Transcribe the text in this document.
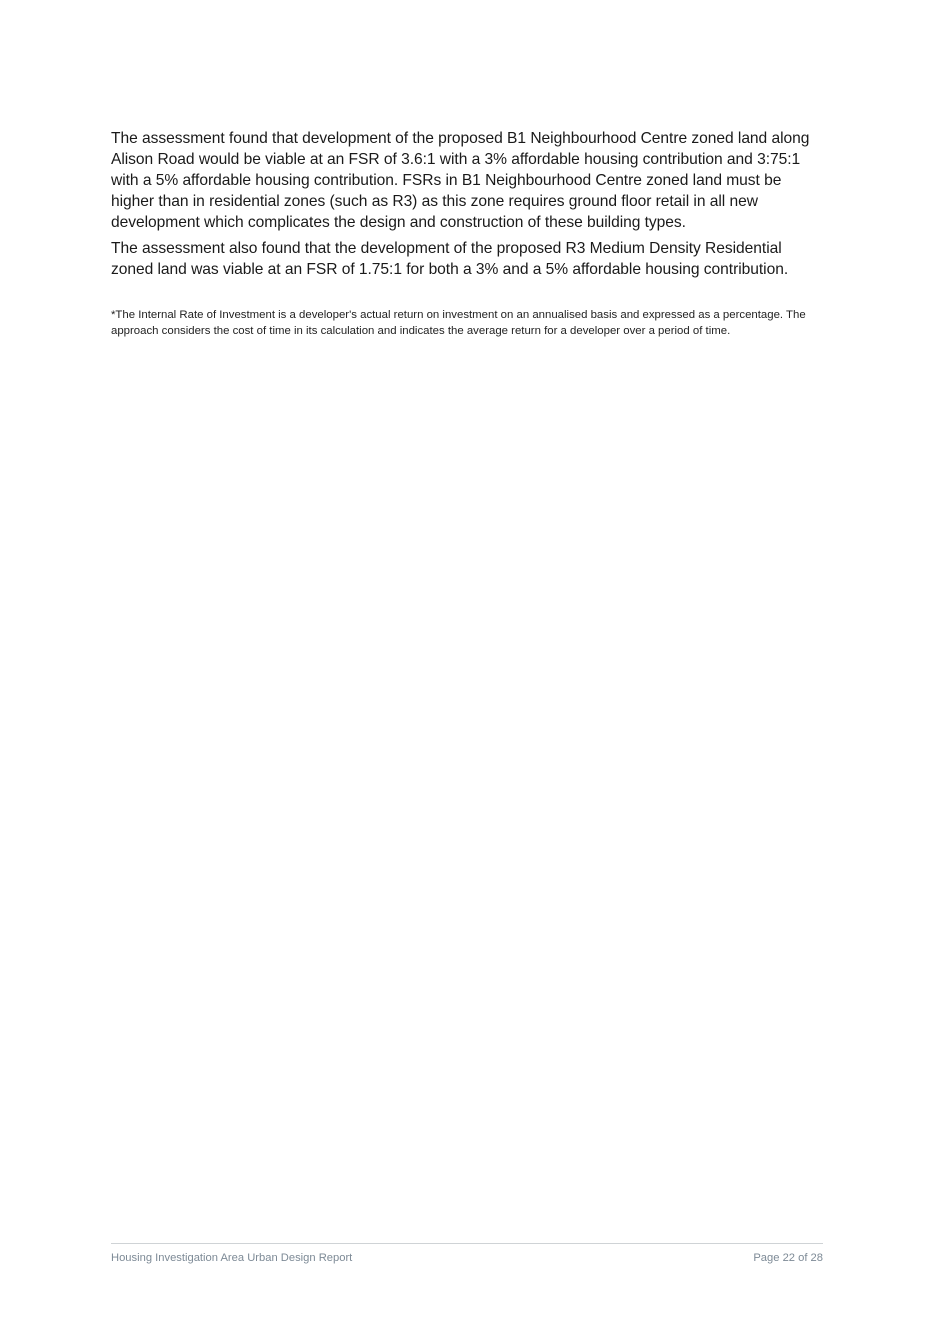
The assessment found that development of the proposed B1 Neighbourhood Centre zoned land along Alison Road would be viable at an FSR of 3.6:1 with a 3% affordable housing contribution and 3:75:1 with a 5% affordable housing contribution. FSRs in B1 Neighbourhood Centre zoned land must be higher than in residential zones (such as R3) as this zone requires ground floor retail in all new development which complicates the design and construction of these building types.

The assessment also found that the development of the proposed R3 Medium Density Residential zoned land was viable at an FSR of 1.75:1 for both a 3% and a 5% affordable housing contribution.

*The Internal Rate of Investment is a developer's actual return on investment on an annualised basis and expressed as a percentage. The approach considers the cost of time in its calculation and indicates the average return for a developer over a period of time.

Housing Investigation Area Urban Design Report	Page 22 of 28
